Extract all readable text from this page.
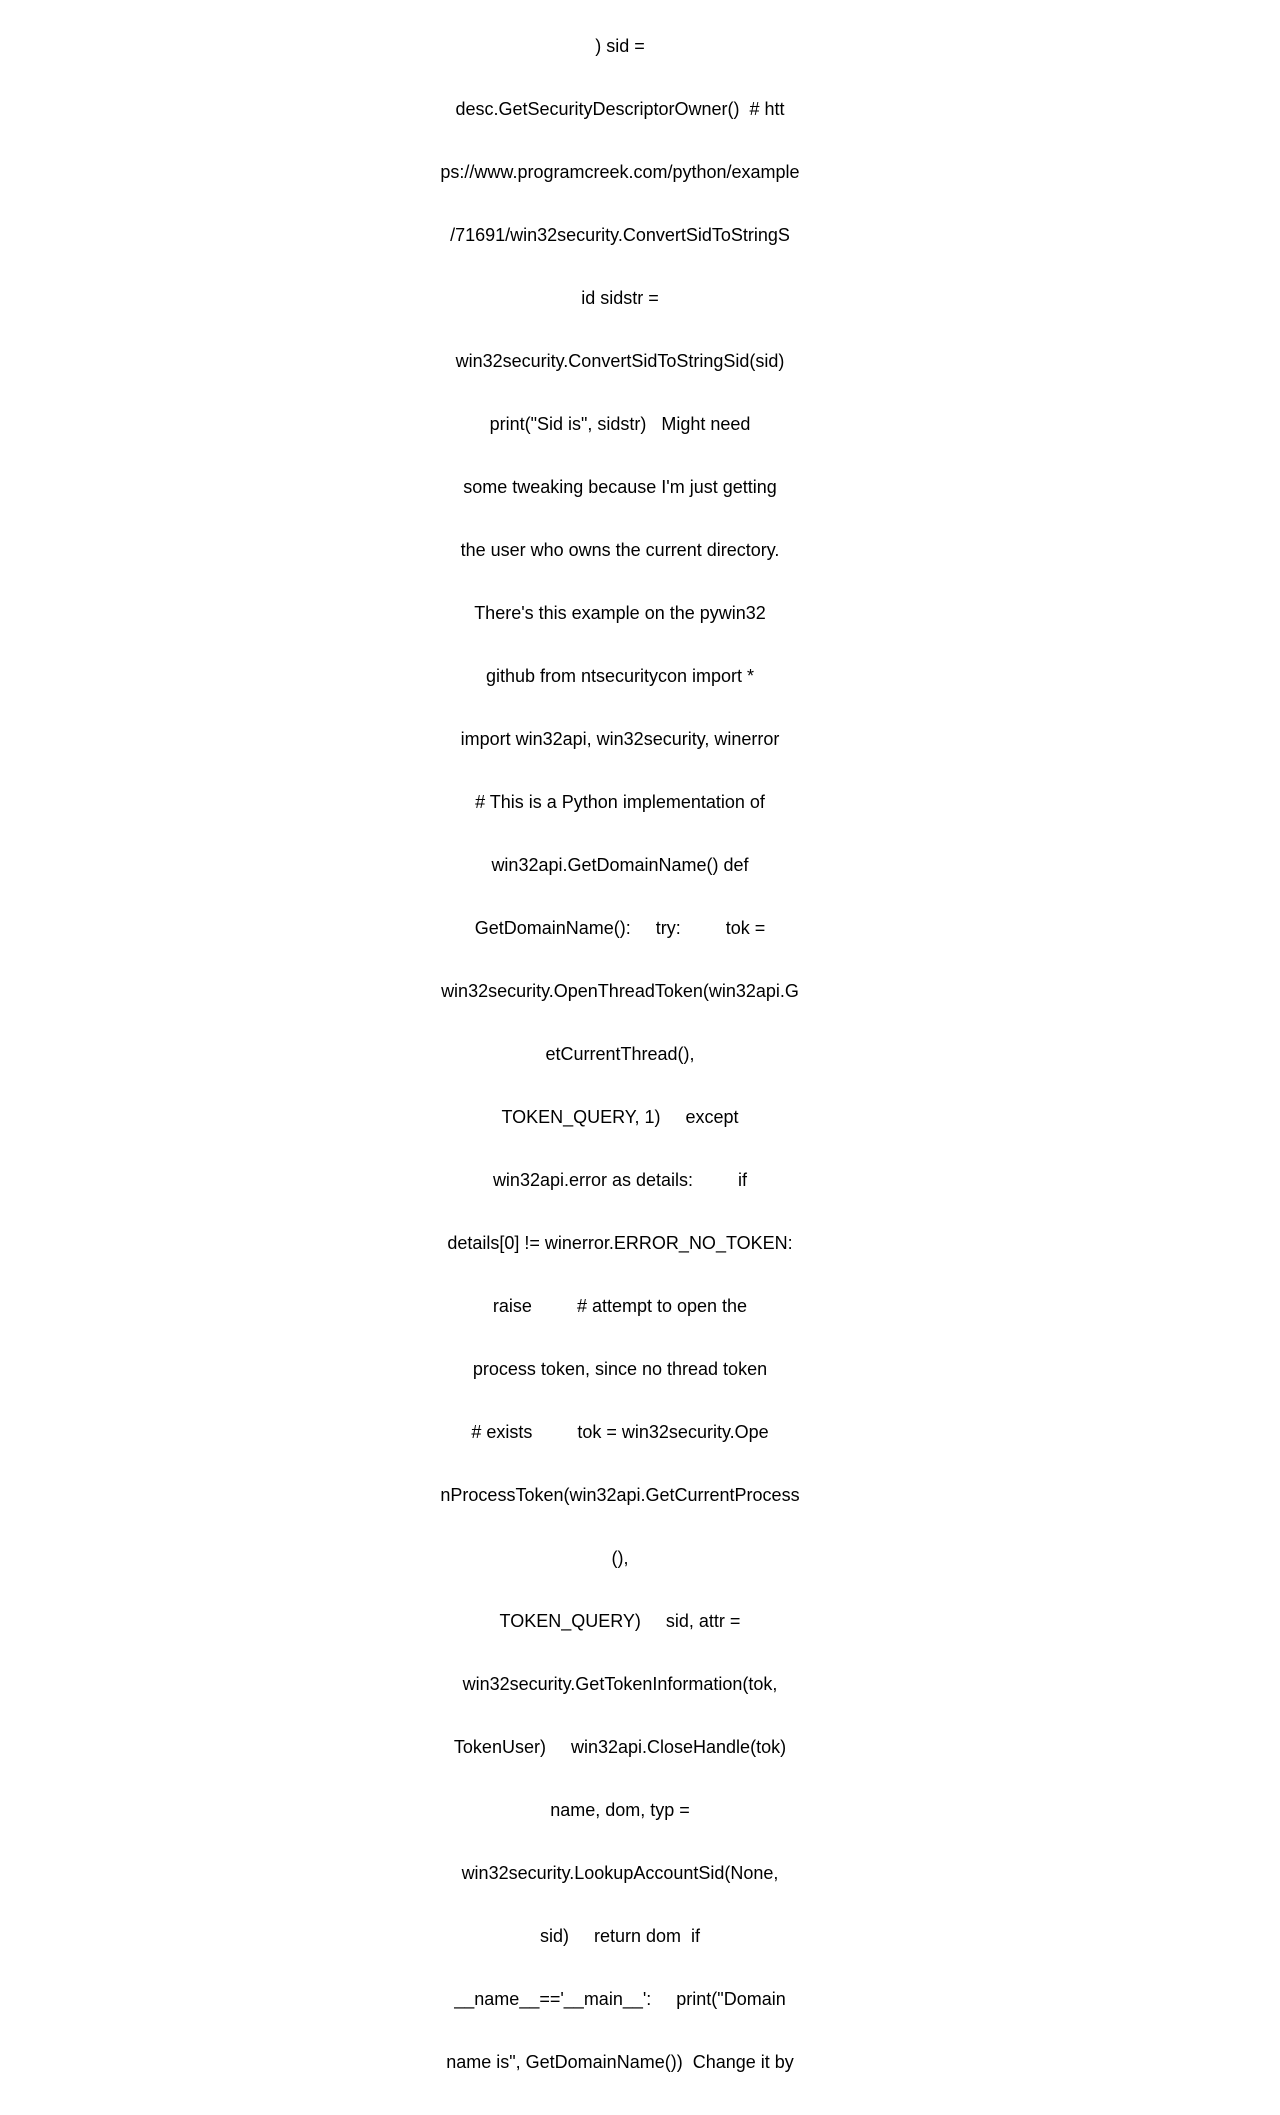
) sid =

desc.GetSecurityDescriptorOwner()  # htt

ps://www.programcreek.com/python/example

/71691/win32security.ConvertSidToStringS

id sidstr =

win32security.ConvertSidToStringSid(sid)

print("Sid is", sidstr)   Might need

some tweaking because I'm just getting

the user who owns the current directory.

There's this example on the pywin32

github from ntsecuritycon import *

import win32api, win32security, winerror

# This is a Python implementation of

win32api.GetDomainName() def

GetDomainName():     try:         tok =

win32security.OpenThreadToken(win32api.G

etCurrentThread(),

TOKEN_QUERY, 1)     except

win32api.error as details:         if

details[0] != winerror.ERROR_NO_TOKEN:

raise         # attempt to open the

process token, since no thread token

# exists         tok = win32security.Ope

nProcessToken(win32api.GetCurrentProcess

(),

TOKEN_QUERY)     sid, attr =

win32security.GetTokenInformation(tok,

TokenUser)     win32api.CloseHandle(tok)

name, dom, typ =

win32security.LookupAccountSid(None,

sid)     return dom  if

__name__=='__main__':     print("Domain

name is", GetDomainName())  Change it by
